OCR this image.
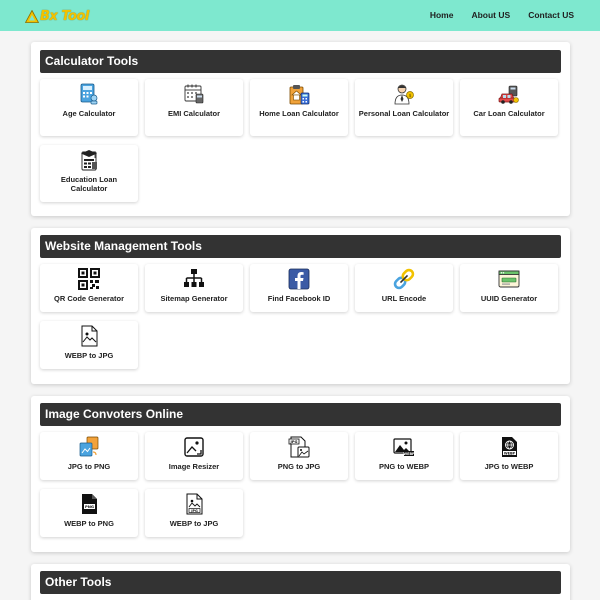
Bx Tool	Home About US Contact US
Calculator Tools
Age Calculator	EMI Calculator	Home Loan Calculator
$
Personal Loan Calculator	Car Loan Calculator
Education Loan Calculator
Website Management Tools
QR Code Generator	Sitemap Generator	Find Facebook ID	URL Encode	UUID Generator
WEBP to JPG
Image Convoters Online
JPG to PNG	Image Resizer
JPG
PNG to JPG
WEBP
PNG to WEBP
WEBP
JPG to WEBP
PNG
WEBP to PNG
JPG
WEBP to JPG
Other Tools
